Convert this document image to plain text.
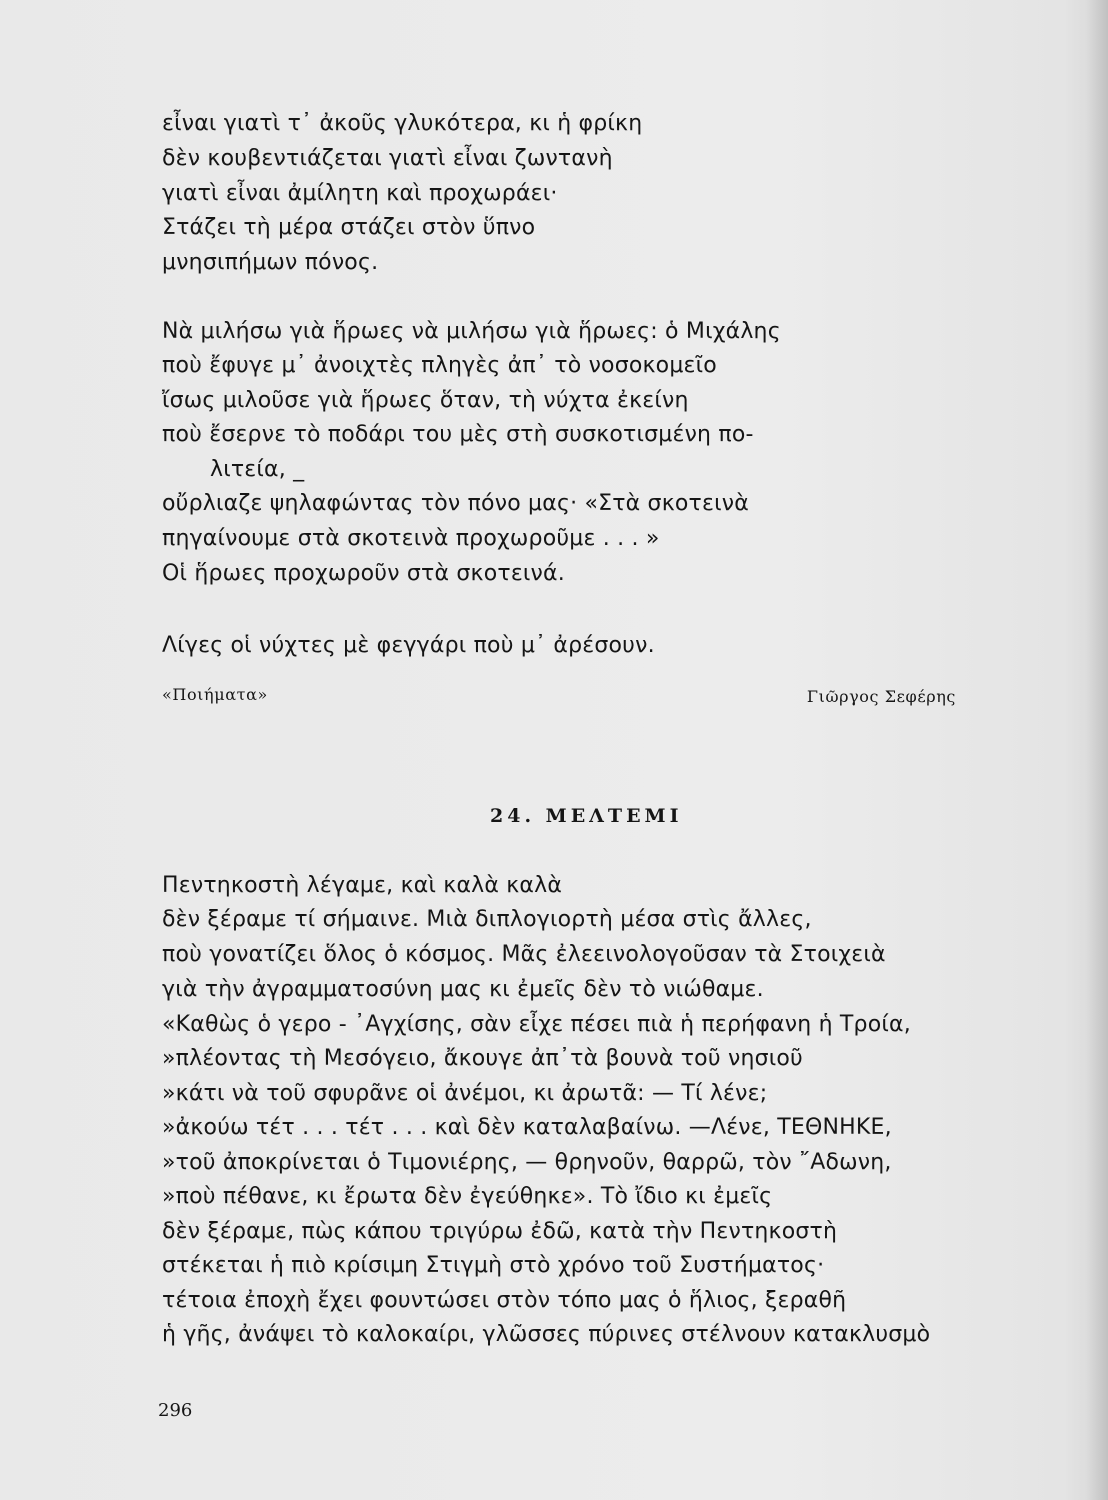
εἶναι γιατὶ τ᾿ ἀκοῦς γλυκότερα, κι ἡ φρίκη
δὲν κουβεντιάζεται γιατὶ εἶναι ζωντανὴ
γιατὶ εἶναι ἀμίλητη καὶ προχωράει·
Στάζει τὴ μέρα στάζει στὸν ὕπνο
μνησιπήμων πόνος.
Νὰ μιλήσω γιὰ ἥρωες νὰ μιλήσω γιὰ ἥρωες: ὁ Μιχάλης
ποὺ ἔφυγε μ᾿ ἀνοιχτὲς πληγὲς ἀπ᾿ τὸ νοσοκομεῖο
ἴσως μιλοῦσε γιὰ ἥρωες ὅταν, τὴ νύχτα ἐκείνη
ποὺ ἔσερνε τὸ ποδάρι του μὲς στὴ συσκοτισμένη πο-
λιτεία, _
οὔρλιαζε ψηλαφώντας τὸν πόνο μας· «Στὰ σκοτεινὰ
πηγαίνουμε στὰ σκοτεινὰ προχωροῦμε . . . »
Οἱ ἥρωες προχωροῦν στὰ σκοτεινά.
Λίγες οἱ νύχτες μὲ φεγγάρι ποὺ μ᾿ ἀρέσουν.
«Ποιήματα»	Γιῶργος Σεφέρης
24. ΜΕΛΤΕΜΙ
Πεντηκοστὴ λέγαμε, καὶ καλὰ καλὰ
δὲν ξέραμε τί σήμαινε. Μιὰ διπλογιορτὴ μέσα στὶς ἄλλες,
ποὺ γονατίζει ὅλος ὁ κόσμος. Μᾶς ἐλεεινολογοῦσαν τὰ Στοιχειὰ
γιὰ τὴν ἀγραμματοσύνη μας κι ἐμεῖς δὲν τὸ νιώθαμε.
«Καθὼς ὁ γερο - ᾿Αγχίσης, σὰν εἶχε πέσει πιὰ ἡ περήφανη ἡ Τροία,
»πλέοντας τὴ Μεσόγειο, ἄκουγε ἀπ᾿τὰ βουνὰ τοῦ νησιοῦ
»κάτι νὰ τοῦ σφυρᾶνε οἱ ἀνέμοι, κι ἀρωτᾶ: — Τί λένε;
»ἀκούω τέτ . . . τέτ . . . καὶ δὲν καταλαβαίνω. —Λένε, ΤΕΘΝΗΚΕ,
»τοῦ ἀποκρίνεται ὁ Τιμονιέρης, — θρηνοῦν, θαρρῶ, τὸν ῎Αδωνη,
»ποὺ πέθανε, κι ἔρωτα δὲν ἐγεύθηκε». Τὸ ἴδιο κι ἐμεῖς
δὲν ξέραμε, πὼς κάπου τριγύρω ἐδῶ, κατὰ τὴν Πεντηκοστὴ
στέκεται ἡ πιὸ κρίσιμη Στιγμὴ στὸ χρόνο τοῦ Συστήματος·
τέτοια ἐποχὴ ἔχει φουντώσει στὸν τόπο μας ὁ ἥλιος, ξεραθῆ
ἡ γῆς, ἀνάψει τὸ καλοκαίρι, γλῶσσες πύρινες στέλνουν κατακλυσμὸ
296
